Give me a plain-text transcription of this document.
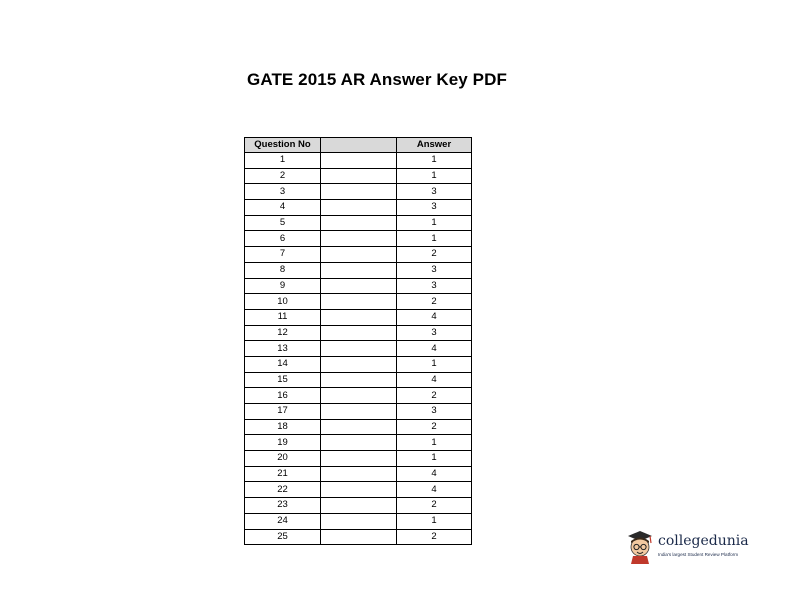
GATE 2015 AR Answer Key PDF
Question No		Answer
1		1
2		1
3		3
4		3
5		1
6		1
7		2
8		3
9		3
10		2
11		4
12		3
13		4
14		1
15		4
16		2
17		3
18		2
19		1
20		1
21		4
22		4
23		2
24		1
25		2	collegedunia
India's largest Student Review Platform
